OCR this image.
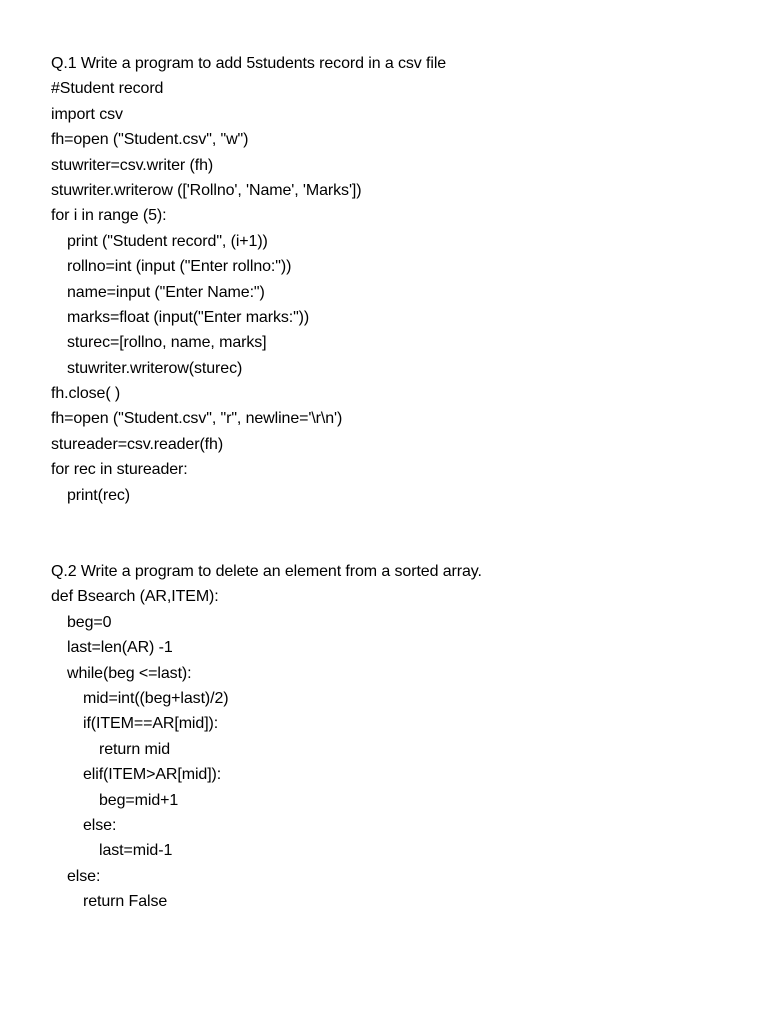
Q.1 Write a program to add 5students record in a csv file
#Student record
import csv
fh=open ("Student.csv", "w")
stuwriter=csv.writer (fh)
stuwriter.writerow (['Rollno', 'Name', 'Marks'])
for i in range (5):
print ("Student record", (i+1))
rollno=int (input ("Enter rollno:"))
name=input ("Enter Name:")
marks=float (input("Enter marks:"))
sturec=[rollno, name, marks]
stuwriter.writerow(sturec)
fh.close( )
fh=open ("Student.csv", "r", newline='\r\n')
stureader=csv.reader(fh)
for rec in stureader:
print(rec)
Q.2 Write a program to delete an element from a sorted array.
def Bsearch (AR,ITEM):
beg=0
last=len(AR) -1
while(beg <=last):
mid=int((beg+last)/2)
if(ITEM==AR[mid]):
return mid
elif(ITEM>AR[mid]):
beg=mid+1
else:
last=mid-1
else:
return False
